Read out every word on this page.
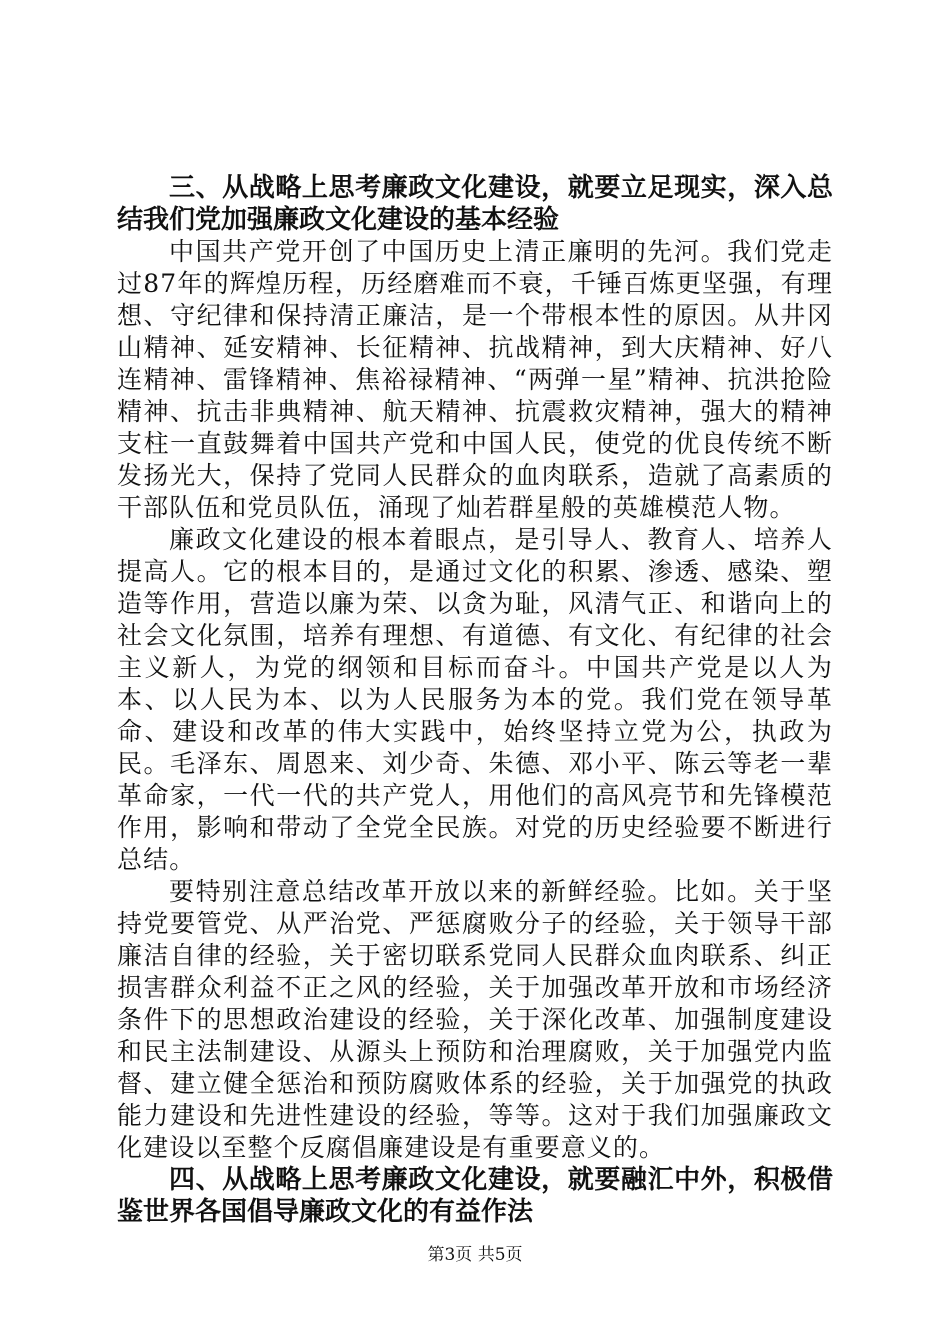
三、从战略上思考廉政文化建设，就要立足现实，深入总结我们党加强廉政文化建设的基本经验

中国共产党开创了中国历史上清正廉明的先河。我们党走过87年的辉煌历程，历经磨难而不衰，千锤百炼更坚强，有理想、守纪律和保持清正廉洁，是一个带根本性的原因。从井冈山精神、延安精神、长征精神、抗战精神，到大庆精神、好八连精神、雷锋精神、焦裕禄精神、“两弹一星”精神、抗洪抢险精神、抗击非典精神、航天精神、抗震救灾精神，强大的精神支柱一直鼓舞着中国共产党和中国人民，使党的优良传统不断发扬光大，保持了党同人民群众的血肉联系，造就了高素质的干部队伍和党员队伍，涌现了灿若群星般的英雄模范人物。

廉政文化建设的根本着眼点，是引导人、教育人、培养人提高人。它的根本目的，是通过文化的积累、渗透、感染、塑造等作用，营造以廉为荣、以贪为耻，风清气正、和谐向上的社会文化氛围，培养有理想、有道德、有文化、有纪律的社会主义新人，为党的纲领和目标而奋斗。中国共产党是以人为本、以人民为本、以为人民服务为本的党。我们党在领导革命、建设和改革的伟大实践中，始终坚持立党为公，执政为民。毛泽东、周恩来、刘少奇、朱德、邓小平、陈云等老一辈革命家，一代一代的共产党人，用他们的高风亮节和先锋模范作用，影响和带动了全党全民族。对党的历史经验要不断进行总结。

要特别注意总结改革开放以来的新鲜经验。比如。关于坚持党要管党、从严治党、严惩腐败分子的经验，关于领导干部廉洁自律的经验，关于密切联系党同人民群众血肉联系、纠正损害群众利益不正之风的经验，关于加强改革开放和市场经济条件下的思想政治建设的经验，关于深化改革、加强制度建设和民主法制建设、从源头上预防和治理腐败，关于加强党内监督、建立健全惩治和预防腐败体系的经验，关于加强党的执政能力建设和先进性建设的经验，等等。这对于我们加强廉政文化建设以至整个反腐倡廉建设是有重要意义的。

四、从战略上思考廉政文化建设，就要融汇中外，积极借鉴世界各国倡导廉政文化的有益作法

第3页 共5页
